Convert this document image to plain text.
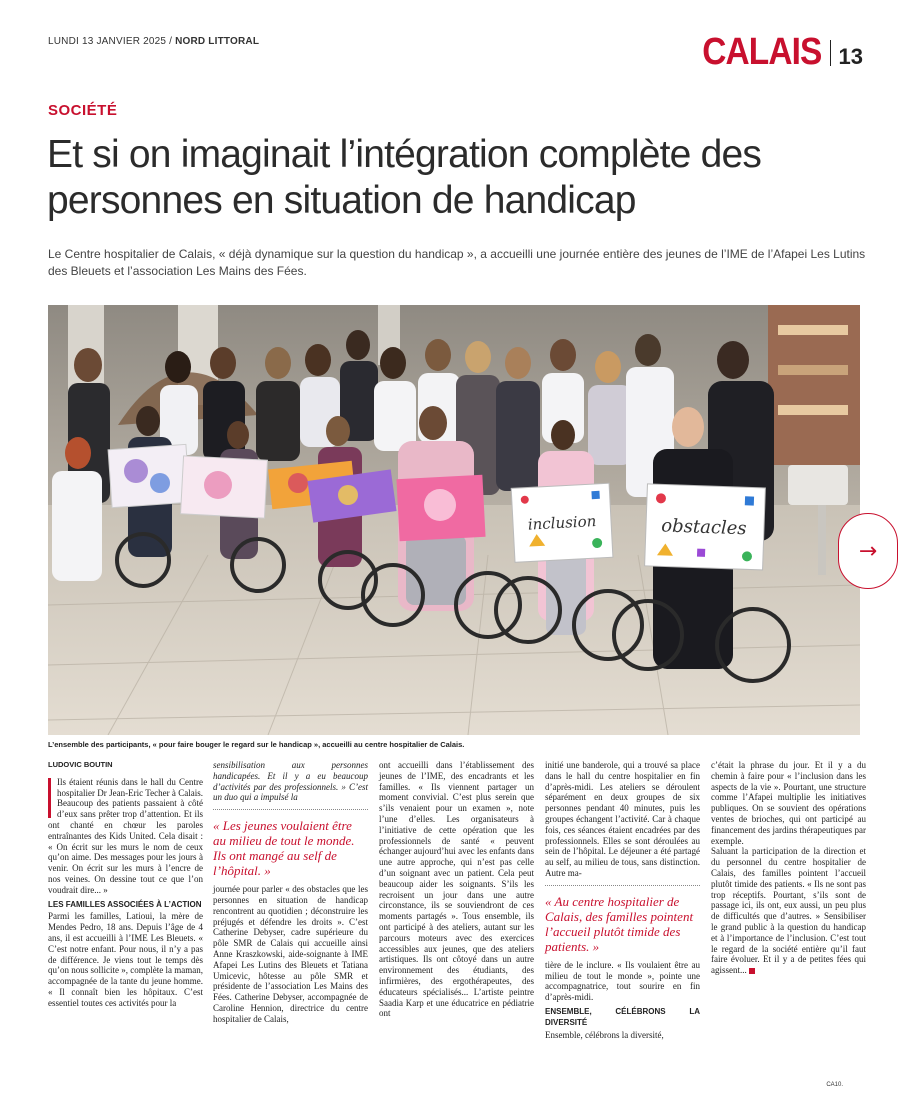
LUNDI 13 JANVIER 2025 / NORD LITTORAL	CALAIS 13
SOCIÉTÉ
Et si on imaginait l’intégration complète des personnes en situation de handicap
Le Centre hospitalier de Calais, « déjà dynamique sur la question du handicap », a accueilli une journée entière des jeunes de l’IME de l’Afapei Les Lutins des Bleuets et l’association Les Mains des Fées.
inclusion	obstacles
L’ensemble des participants, « pour faire bouger le regard sur le handicap », accueilli au centre hospitalier de Calais.
→
LUDOVIC BOUTIN

Ils étaient réunis dans le hall du Centre hospitalier Dr Jean-Eric Techer à Calais. Beaucoup des patients passaient à côté d’eux sans prêter trop d’attention. Et ils ont chanté en chœur les paroles entraînantes des Kids United. Cela disait : « On écrit sur les murs le nom de ceux qu’on aime. Des messages pour les jours à venir. On écrit sur les murs à l’encre de nos veines. On dessine tout ce que l’on voudrait dire... »

LES FAMILLES ASSOCIÉES À L’ACTION

Parmi les familles, Latioui, la mère de Mendes Pedro, 18 ans. Depuis l’âge de 4 ans, il est accueilli à l’IME Les Bleuets. « C’est notre enfant. Pour nous, il n’y a pas de différence. Je viens tout le temps dès qu’on nous sollicite », complète la maman, accompagnée de la tante du jeune homme. « Il connaît bien les hôpitaux. C’est essentiel toutes ces activités pour la

sensibilisation aux personnes handicapées. Et il y a eu beaucoup d’activités par des professionnels. » C’est un duo qui a impulsé la

« Les jeunes voulaient être au milieu de tout le monde. Ils ont mangé au self de l’hôpital. »

journée pour parler « des obstacles que les personnes en situation de handicap rencontrent au quotidien ; déconstruire les préjugés et défendre les droits ». C’est Catherine Debyser, cadre supérieure du pôle SMR de Calais qui accueille ainsi Anne Kraszkowski, aide-soignante à IME Afapei Les Lutins des Bleuets et Tatiana Umicevic, hôtesse au pôle SMR et présidente de l’association Les Mains des Fées. Catherine Debyser, accompagnée de Caroline Hennion, directrice du centre hospitalier de Calais,

ont accueilli dans l’établissement des jeunes de l’IME, des encadrants et les familles. « Ils viennent partager un moment convivial. C’est plus serein que s’ils venaient pour un examen », note l’une d’elles. Les organisateurs à l’initiative de cette opération que les professionnels de santé « peuvent échanger aujourd’hui avec les enfants dans une autre approche, qui n’est pas celle d’un soignant avec un patient. Cela peut beaucoup aider les soignants. S’ils les recroisent un jour dans une autre circonstance, ils se souviendront de ces moments partagés ». Tous ensemble, ils ont participé à des ateliers, autant sur les parcours moteurs avec des exercices accessibles aux jeunes, que des ateliers artistiques. Ils ont côtoyé dans un autre environnement des étudiants, des infirmières, des ergothérapeutes, des éducateurs spécialisés... L’artiste peintre Saadia Karp et une éducatrice en pédiatrie ont

initié une banderole, qui a trouvé sa place dans le hall du centre hospitalier en fin d’après-midi. Les ateliers se déroulent séparément en deux groupes de six personnes pendant 40 minutes, puis les groupes échangent l’activité. Car à chaque fois, ces séances étaient encadrées par des professionnels. Elles se sont déroulées au sein de l’hôpital. Le déjeuner a été partagé au self, au milieu de tous, sans distinction. Autre ma-

« Au centre hospitalier de Calais, des familles pointent l’accueil plutôt timide des patients. »

tière de le inclure. « Ils voulaient être au milieu de tout le monde », pointe une accompagnatrice, tout sourire en fin d’après-midi.

ENSEMBLE, CÉLÉBRONS LA DIVERSITÉ

Ensemble, célébrons la diversité,

c’était la phrase du jour. Et il y a du chemin à faire pour « l’inclusion dans les aspects de la vie ». Pourtant, une structure comme l’Afapei multiplie les initiatives publiques. On se souvient des opérations ventes de brioches, qui ont participé au financement des jardins thérapeutiques par exemple.

Saluant la participation de la direction et du personnel du centre hospitalier de Calais, des familles pointent l’accueil plutôt timide des patients. « Ils ne sont pas trop réceptifs. Pourtant, s’ils sont de passage ici, ils ont, eux aussi, un peu plus de difficultés que d’autres. » Sensibiliser le grand public à la question du handicap et à l’importance de l’inclusion. C’est tout le regard de la société entière qu’il faut faire évoluer. Et il y a de petites fées qui agissent...

CA10.
